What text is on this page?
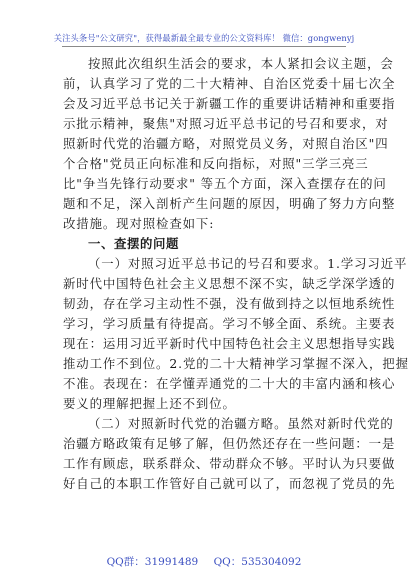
关注头条号"公文研究"，获得最新最全最专业的公文资料库！ 微信：gongwenyj
按照此次组织生活会的要求，本人紧扣会议主题，会
前，认真学习了党的二十大精神、自治区党委十届七次全
会及习近平总书记关于新疆工作的重要讲话精神和重要指
示批示精神，聚焦"对照习近平总书记的号召和要求，对
照新时代党的治疆方略，对照党员义务，对照自治区"四
个合格"党员正向标准和反向指标，对照"三学三亮三
比"争当先锋行动要求" 等五个方面，深入查摆存在的问
题和不足，深入剖析产生问题的原因，明确了努力方向整
改措施。现对照检查如下:
一、查摆的问题
（一）对照习近平总书记的号召和要求。1.学习习近平
新时代中国特色社会主义思想不深不实，缺乏学深学透的
韧劲，存在学习主动性不强，没有做到持之以恒地系统性
学习，学习质量有待提高。学习不够全面、系统。主要表
现在：运用习近平新时代中国特色社会主义思想指导实践
推动工作不到位。2.党的二十大精神学习掌握不深入，把握
不准。表现在：在学懂弄通党的二十大的丰富内涵和核心
要义的理解把握上还不到位。
（二）对照新时代党的治疆方略。虽然对新时代党的
治疆方略政策有足够了解，但仍然还存在一些问题：一是
工作有顾虑，联系群众、带动群众不够。平时认为只要做
好自己的本职工作管好自己就可以了，而忽视了党员的先
QQ群：31991489 QQ：535304092
